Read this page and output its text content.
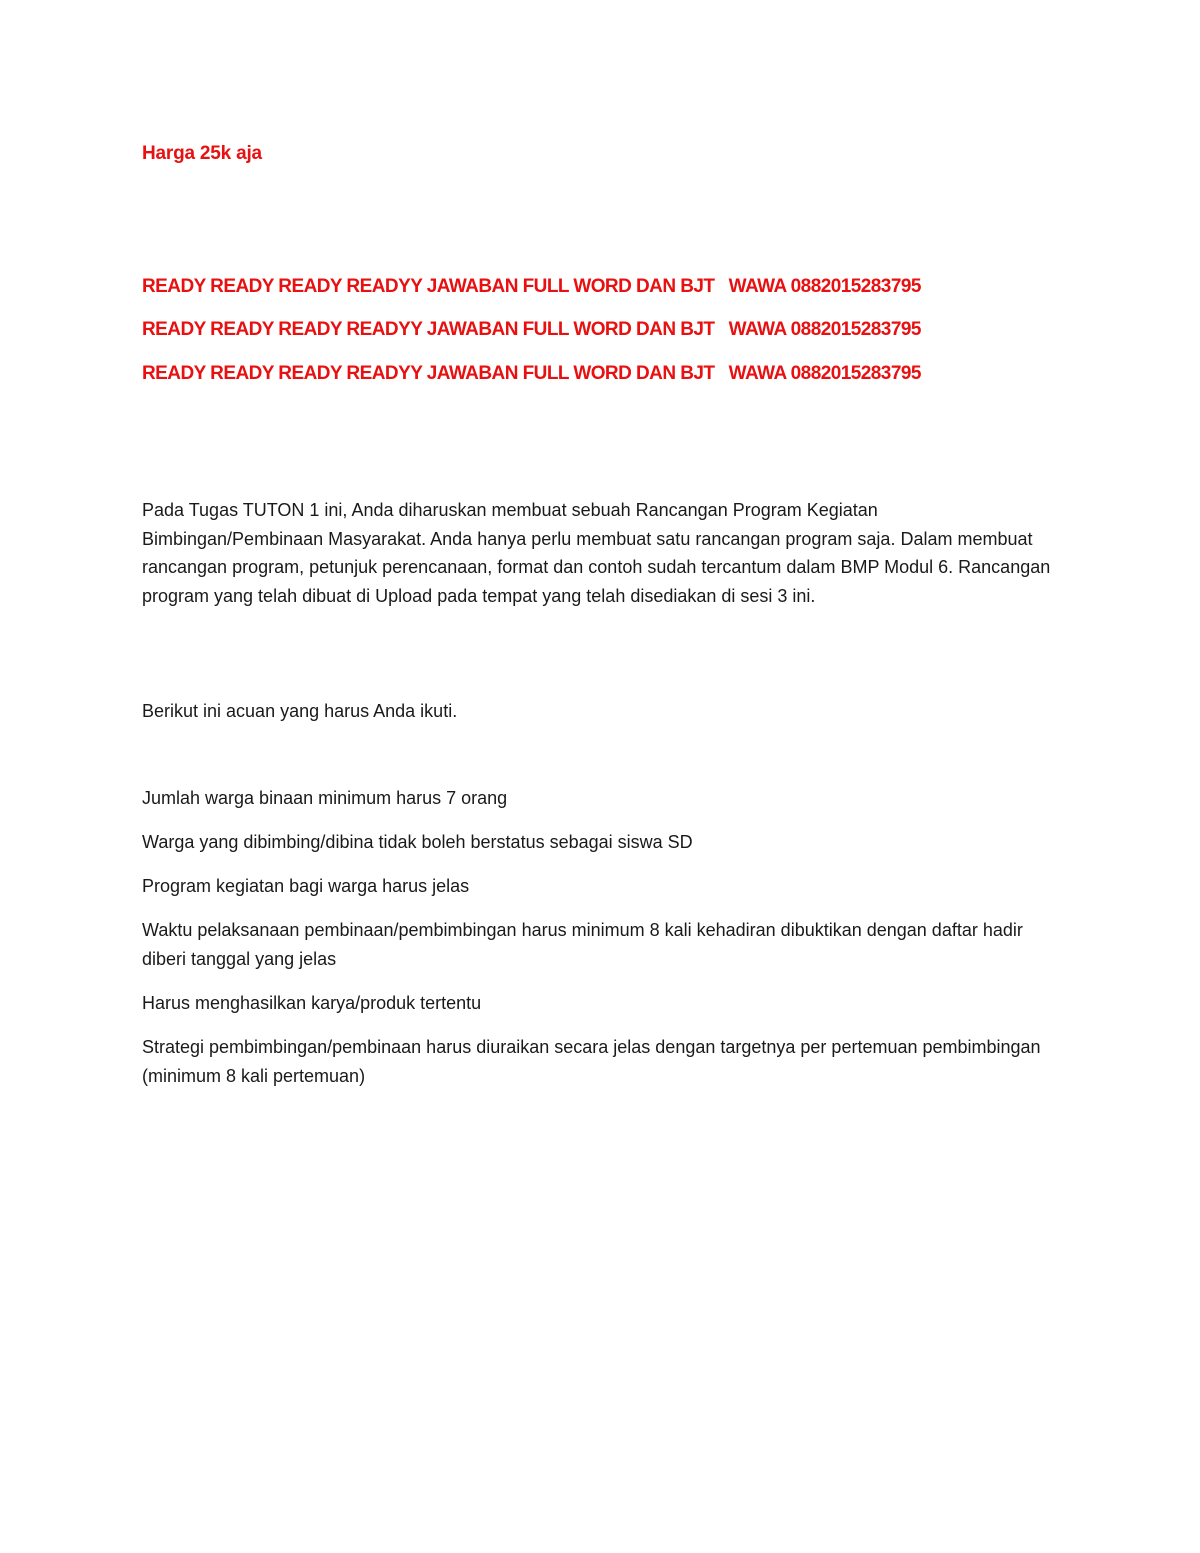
Harga 25k aja
READY READY READY READYY JAWABAN FULL WORD DAN BJT   WAWA 0882015283795
READY READY READY READYY JAWABAN FULL WORD DAN BJT   WAWA 0882015283795
READY READY READY READYY JAWABAN FULL WORD DAN BJT   WAWA 0882015283795
Pada Tugas TUTON 1 ini, Anda diharuskan membuat sebuah Rancangan Program Kegiatan Bimbingan/Pembinaan Masyarakat. Anda hanya perlu membuat satu rancangan program saja. Dalam membuat rancangan program, petunjuk perencanaan, format dan contoh sudah tercantum dalam BMP Modul 6. Rancangan program yang telah dibuat di Upload pada tempat yang telah disediakan di sesi 3 ini.
Berikut ini acuan yang harus Anda ikuti.
Jumlah warga binaan minimum harus 7 orang
Warga yang dibimbing/dibina tidak boleh berstatus sebagai siswa SD
Program kegiatan bagi warga harus jelas
Waktu pelaksanaan pembinaan/pembimbingan harus minimum 8 kali kehadiran dibuktikan dengan daftar hadir diberi tanggal yang jelas
Harus menghasilkan karya/produk tertentu
Strategi pembimbingan/pembinaan harus diuraikan secara jelas dengan targetnya per pertemuan pembimbingan (minimum 8 kali pertemuan)
